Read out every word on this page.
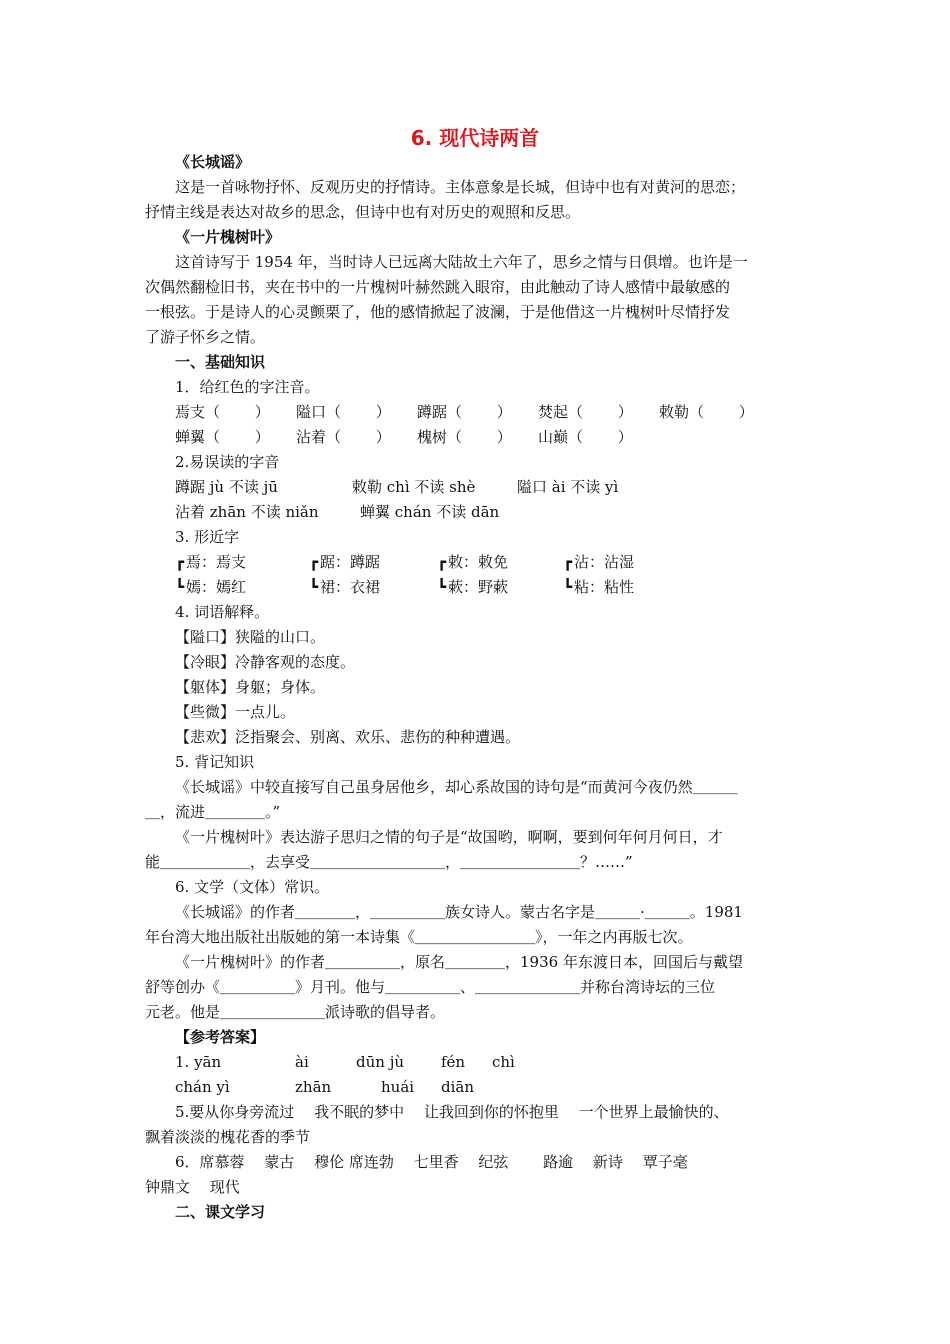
6. 现代诗两首
《长城谣》
这是一首咏物抒怀、反观历史的抒情诗。主体意象是长城，但诗中也有对黄河的思恋；
抒情主线是表达对故乡的思念，但诗中也有对历史的观照和反思。
《一片槐树叶》
这首诗写于 1954 年，当时诗人已远离大陆故土六年了，思乡之情与日俱增。也许是一
次偶然翻检旧书，夹在书中的一片槐树叶赫然跳入眼帘，由此触动了诗人感情中最敏感的
一根弦。于是诗人的心灵颤栗了，他的感情掀起了波澜，于是他借这一片槐树叶尽情抒发
了游子怀乡之情。
一、基础知识
1．给红色的字注音。
焉支（　　 ） 隘口（　　 ） 蹲踞（　　 ） 焚起（　　 ） 敕勒（　　 ）
蝉翼（　　 ） 沾着（　　 ） 槐树（　　 ） 山巅（　　 ）
2.易误读的字音
蹲踞 jù 不读 jū	敕勒 chì 不读 shè	隘口 ài 不读 yì
沾着 zhān 不读 niǎn	蝉翼 chán 不读 dān
3. 形近字
┏ 焉：焉支	┏ 踞：蹲踞	┏ 敕：敕免	┏ 沾：沾湿
┗ 嫣：嫣红	┗ 裙：衣裙	┗ 蔌：野蔌	┗ 粘：粘性
4. 词语解释。
【隘口】狭隘的山口。
【冷眼】冷静客观的态度。
【躯体】身躯；身体。
【些微】一点儿。
【悲欢】泛指聚会、别离、欢乐、悲伤的种种遭遇。
5. 背记知识
《长城谣》中较直接写自己虽身居他乡，却心系故国的诗句是“而黄河今夜仍然＿＿＿
＿，流进＿＿＿＿。”
《一片槐树叶》表达游子思归之情的句子是“故国哟，啊啊，要到何年何月何日，才
能＿＿＿＿＿＿，去享受＿＿＿＿＿＿＿＿＿，＿＿＿＿＿＿＿＿？……”
6. 文学（文体）常识。
《长城谣》的作者＿＿＿＿，＿＿＿＿＿族女诗人。蒙古名字是＿＿＿·＿＿＿。1981
年台湾大地出版社出版她的第一本诗集《＿＿＿＿＿＿＿＿》，一年之内再版七次。
《一片槐树叶》的作者＿＿＿＿＿，原名＿＿＿＿，1936 年东渡日本，回国后与戴望
舒等创办《＿＿＿＿＿》月刊。他与＿＿＿＿＿、＿＿＿＿＿＿＿并称台湾诗坛的三位
元老。他是＿＿＿＿＿＿＿派诗歌的倡导者。
【参考答案】
1. yān	ài	dūn jù fén chì
chán yì	zhān	huái diān
5.要从你身旁流过　 我不眠的梦中　 让我回到你的怀抱里　 一个世界上最愉快的、
飘着淡淡的槐花香的季节
6．席慕蓉　 蒙古　 穆伦 席连勃　 七里香　 纪弦　　 路逾　 新诗　 覃子毫
钟鼎文　 现代
二、课文学习
